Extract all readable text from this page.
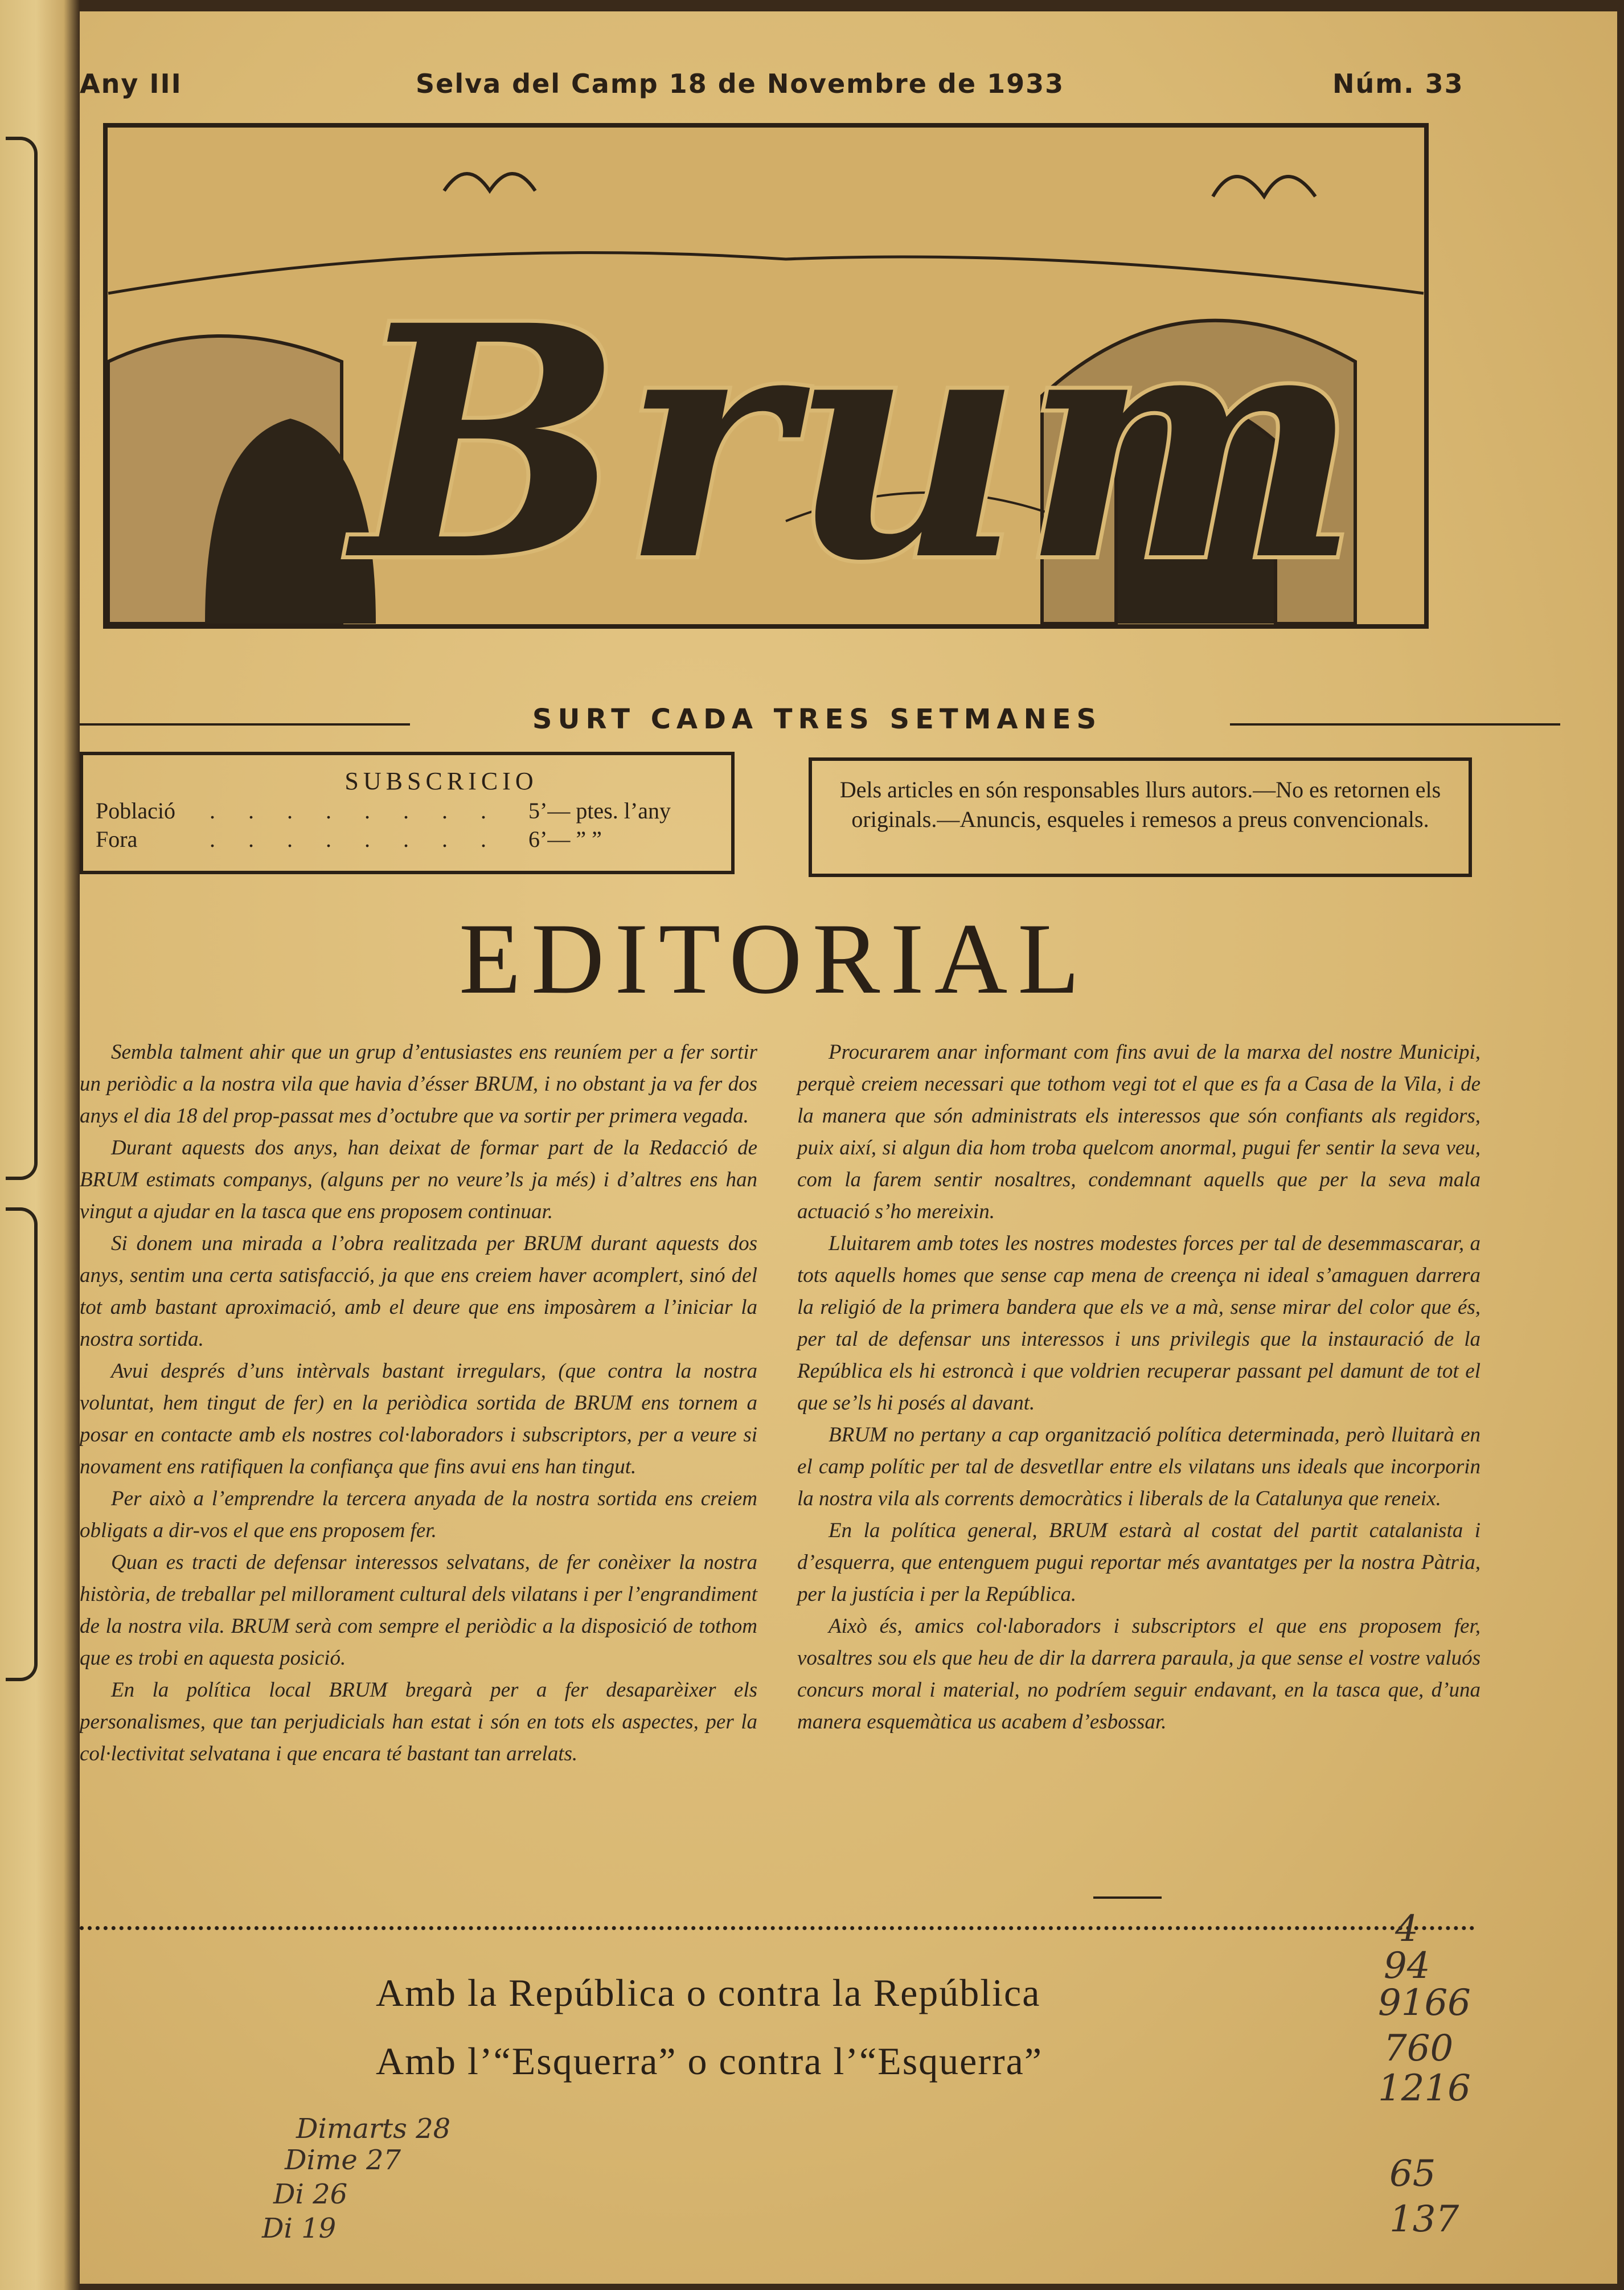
Any III	Selva del Camp 18 de Novembre de 1933	Núm. 33
Brum
SURT CADA TRES SETMANES
SUBSCRICIO
Població . . . . . . . . 5’— ptes. l’any
Fora	. . . . . . . . 6’— ” ”
Dels articles en són responsables llurs autors.—No es retornen els originals.—Anuncis, esqueles i remesos a preus convencionals.
EDITORIAL

Sembla talment ahir que un grup d’entusiastes ens reuníem per a fer sortir un periòdic a la nostra vila que havia d’ésser BRUM, i no obstant ja va fer dos anys el dia 18 del prop-passat mes d’octubre que va sortir per primera vegada.

Durant aquests dos anys, han deixat de formar part de la Redacció de BRUM estimats companys, (alguns per no veure’ls ja més) i d’altres ens han vingut a ajudar en la tasca que ens proposem continuar.

Si donem una mirada a l’obra realitzada per BRUM durant aquests dos anys, sentim una certa satisfacció, ja que ens creiem haver acomplert, sinó del tot amb bastant aproximació, amb el deure que ens imposàrem a l’iniciar la nostra sortida.

Avui després d’uns intèrvals bastant irregulars, (que contra la nostra voluntat, hem tingut de fer) en la periòdica sortida de BRUM ens tornem a posar en contacte amb els nostres col·laboradors i subscriptors, per a veure si novament ens ratifiquen la confiança que fins avui ens han tingut.

Per això a l’emprendre la tercera anyada de la nostra sortida ens creiem obligats a dir-vos el que ens proposem fer.

Quan es tracti de defensar interessos selvatans, de fer conèixer la nostra història, de treballar pel millorament cultural dels vilatans i per l’engrandiment de la nostra vila. BRUM serà com sempre el periòdic a la disposició de tothom que es trobi en aquesta posició.

En la política local BRUM bregarà per a fer desaparèixer els personalismes, que tan perjudicials han estat i són en tots els aspectes, per la col·lectivitat selvatana i que encara té bastant tan arrelats.

Procurarem anar informant com fins avui de la marxa del nostre Municipi, perquè creiem necessari que tothom vegi tot el que es fa a Casa de la Vila, i de la manera que són administrats els interessos que són confiants als regidors, puix així, si algun dia hom troba quelcom anormal, pugui fer sentir la seva veu, com la farem sentir nosaltres, condemnant aquells que per la seva mala actuació s’ho mereixin.

Lluitarem amb totes les nostres modestes forces per tal de desemmascarar, a tots aquells homes que sense cap mena de creença ni ideal s’amaguen darrera la religió de la primera bandera que els ve a mà, sense mirar del color que és, per tal de defensar uns interessos i uns privilegis que la instauració de la República els hi estroncà i que voldrien recuperar passant pel damunt de tot el que se’ls hi posés al davant.

BRUM no pertany a cap organització política determinada, però lluitarà en el camp polític per tal de desvetllar entre els vilatans uns ideals que incorporin la nostra vila als corrents democràtics i liberals de la Catalunya que reneix.

En la política general, BRUM estarà al costat del partit catalanista i d’esquerra, que entenguem pugui reportar més avantatges per la nostra Pàtria, per la justícia i per la República.

Això és, amics col·laboradors i subscriptors el que ens proposem fer, vosaltres sou els que heu de dir la darrera paraula, ja que sense el vostre valuós concurs moral i material, no podríem seguir endavant, en la tasca que, d’una manera esquemàtica us acabem d’esbossar.

Amb la República o contra la República
Amb l’“Esquerra” o contra l’“Esquerra”
Dimarts 28
Dime 27
Di 26
Di 19
4
94
9166
760
1216
65
137
